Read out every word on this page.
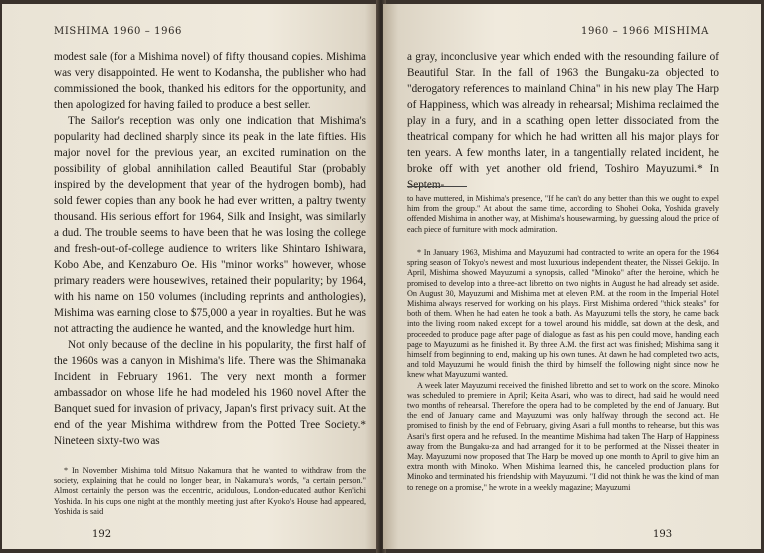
MISHIMA 1960 – 1966

modest sale (for a Mishima novel) of fifty thousand copies. Mishima was very disappointed. He went to Kodansha, the publisher who had commissioned the book, thanked his editors for the opportunity, and then apologized for having failed to produce a best seller.

The Sailor's reception was only one indication that Mishima's popularity had declined sharply since its peak in the late fifties. His major novel for the previous year, an excited rumination on the possibility of global annihilation called Beautiful Star (probably inspired by the development that year of the hydrogen bomb), had sold fewer copies than any book he had ever written, a paltry twenty thousand. His serious effort for 1964, Silk and Insight, was similarly a dud. The trouble seems to have been that he was losing the college and fresh-out-of-college audience to writers like Shintaro Ishiwara, Kobo Abe, and Kenzaburo Oe. His "minor works" however, whose primary readers were housewives, retained their popularity; by 1964, with his name on 150 volumes (including reprints and anthologies), Mishima was earning close to $75,000 a year in royalties. But he was not attracting the audience he wanted, and the knowledge hurt him.

Not only because of the decline in his popularity, the first half of the 1960s was a canyon in Mishima's life. There was the Shimanaka Incident in February 1961. The very next month a former ambassador on whose life he had modeled his 1960 novel After the Banquet sued for invasion of privacy, Japan's first privacy suit. At the end of the year Mishima withdrew from the Potted Tree Society.* Nineteen sixty-two was

* In November Mishima told Mitsuo Nakamura that he wanted to withdraw from the society, explaining that he could no longer bear, in Nakamura's words, "a certain person." Almost certainly the person was the eccentric, acidulous, London-educated author Ken'ichi Yoshida. In his cups one night at the monthly meeting just after Kyoko's House had appeared, Yoshida is said

192
1960 – 1966 MISHIMA

a gray, inconclusive year which ended with the resounding failure of Beautiful Star. In the fall of 1963 the Bungaku-za objected to "derogatory references to mainland China" in his new play The Harp of Happiness, which was already in rehearsal; Mishima reclaimed the play in a fury, and in a scathing open letter dissociated from the theatrical company for which he had written all his major plays for ten years. A few months later, in a tangentially related incident, he broke off with yet another old friend, Toshiro Mayuzumi.* In Septem-

to have muttered, in Mishima's presence, "If he can't do any better than this we ought to expel him from the group." At about the same time, according to Shohei Ooka, Yoshida gravely offended Mishima in another way, at Mishima's housewarming, by guessing aloud the price of each piece of furniture with mock admiration.

* In January 1963, Mishima and Mayuzumi had contracted to write an opera for the 1964 spring season of Tokyo's newest and most luxurious independent theater, the Nissei Gekijo. In April, Mishima showed Mayuzumi a synopsis, called "Minoko" after the heroine, which he promised to develop into a three-act libretto on two nights in August he had already set aside. On August 30, Mayuzumi and Mishima met at eleven P.M. at the room in the Imperial Hotel Mishima always reserved for working on his plays. First Mishima ordered "thick steaks" for both of them. When he had eaten he took a bath. As Mayuzumi tells the story, he came back into the living room naked except for a towel around his middle, sat down at the desk, and proceeded to produce page after page of dialogue as fast as his pen could move, handing each page to Mayuzumi as he finished it. By three A.M. the first act was finished; Mishima sang it himself from beginning to end, making up his own tunes. At dawn he had completed two acts, and told Mayuzumi he would finish the third by himself the following night since now he knew what Mayuzumi wanted.

A week later Mayuzumi received the finished libretto and set to work on the score. Minoko was scheduled to premiere in April; Keita Asari, who was to direct, had said he would need two months of rehearsal. Therefore the opera had to be completed by the end of January. But the end of January came and Mayuzumi was only halfway through the second act. He promised to finish by the end of February, giving Asari a full months to rehearse, but this was Asari's first opera and he refused. In the meantime Mishima had taken The Harp of Happiness away from the Bungaku-za and had arranged for it to be performed at the Nissei theater in May. Mayuzumi now proposed that The Harp be moved up one month to April to give him an extra month with Minoko. When Mishima learned this, he canceled production plans for Minoko and terminated his friendship with Mayuzumi. "I did not think he was the kind of man to renege on a promise," he wrote in a weekly magazine; Mayuzumi

193
